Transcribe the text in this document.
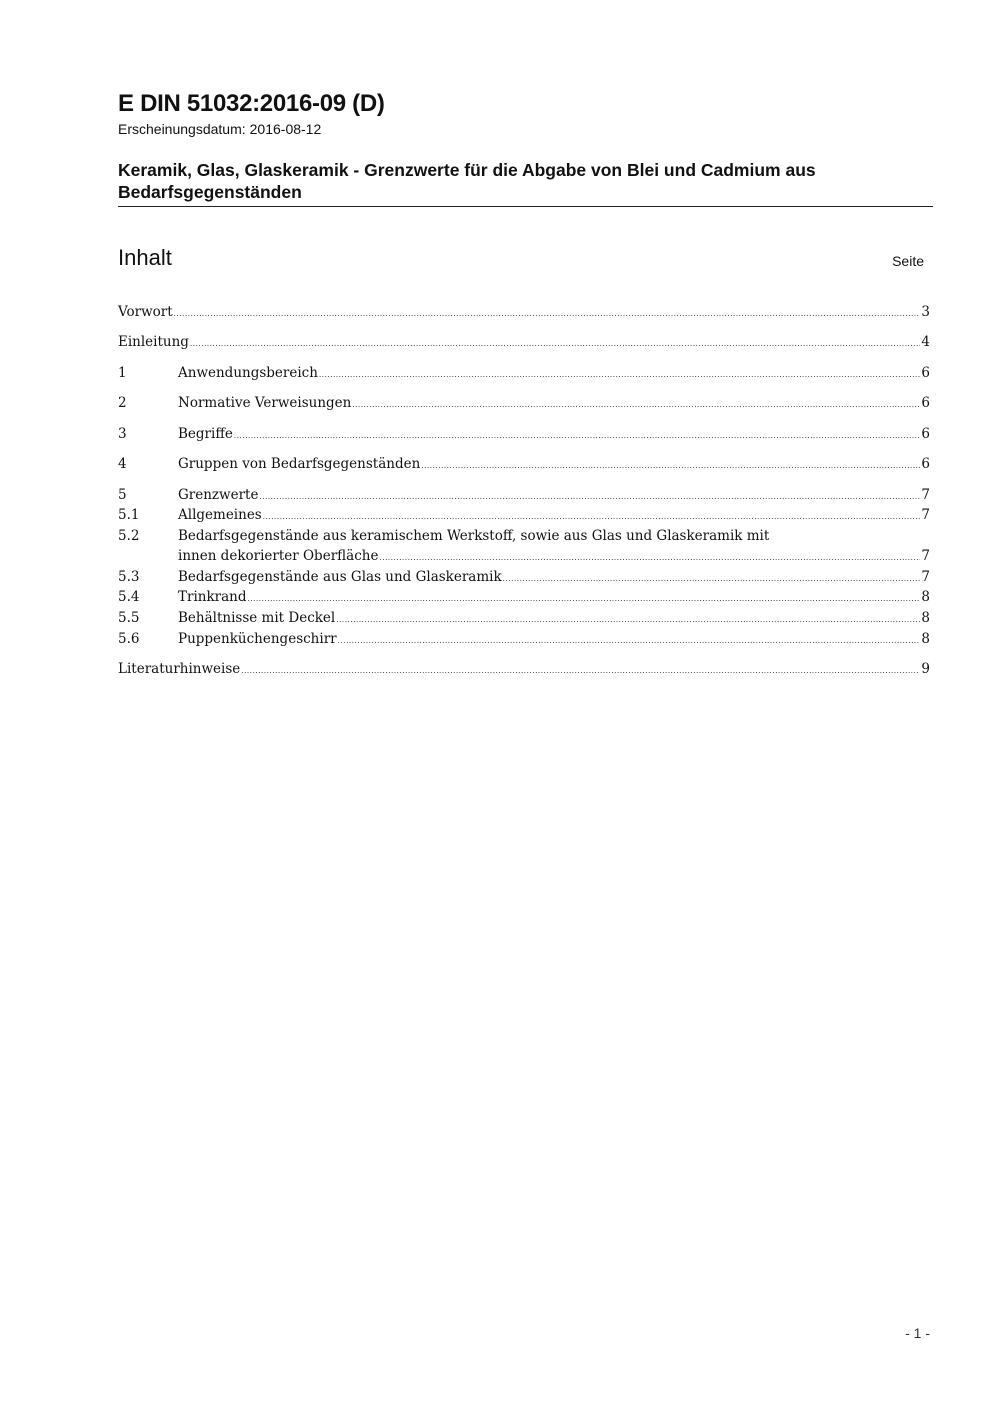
E DIN 51032:2016-09 (D)
Erscheinungsdatum: 2016-08-12
Keramik, Glas, Glaskeramik - Grenzwerte für die Abgabe von Blei und Cadmium aus Bedarfsgegenständen
Inhalt	Seite
Vorwort .....	3
Einleitung .....	4
1	Anwendungsbereich .....	6
2	Normative Verweisungen .....	6
3	Begriffe .....	6
4	Gruppen von Bedarfsgegenständen .....	6
5	Grenzwerte .....	7
5.1	Allgemeines .....	7
5.2	Bedarfsgegenstände aus keramischem Werkstoff, sowie aus Glas und Glaskeramik mit
innen dekorierter Oberfläche .....	7
5.3	Bedarfsgegenstände aus Glas und Glaskeramik .....	7
5.4	Trinkrand .....	8
5.5	Behältnisse mit Deckel .....	8
5.6	Puppenküchengeschirr .....	8
Literaturhinweise .....	9
- 1 -
